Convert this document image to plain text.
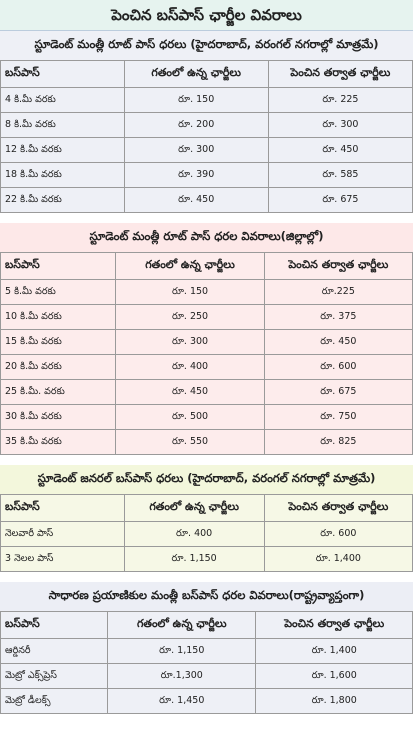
పెంచిన బస్‌పాస్ ఛార్జీల వివరాలు
స్టూడెంట్ మంత్లీ రూట్ పాస్ ధరలు (హైదరాబాద్, వరంగల్ నగరాల్లో మాత్రమే)
బస్‌పాస్	గతంలో ఉన్న ఛార్జీలు	పెంచిన తర్వాత ఛార్జీలు
4 కి.మీ వరకు	రూ. 150	రూ. 225
8 కి.మీ వరకు	రూ. 200	రూ. 300
12 కి.మీ వరకు	రూ. 300	రూ. 450
18 కి.మీ వరకు	రూ. 390	రూ. 585
22 కి.మీ వరకు	రూ. 450	రూ. 675
స్టూడెంట్ మంత్లీ రూట్ పాస్ ధరల వివరాలు(జిల్లాల్లో)
బస్‌పాస్	గతంలో ఉన్న ఛార్జీలు	పెంచిన తర్వాత ఛార్జీలు
5 కి.మీ వరకు	రూ. 150	రూ.225
10 కి.మీ వరకు	రూ. 250	రూ. 375
15 కి.మీ వరకు	రూ. 300	రూ. 450
20 కి.మీ వరకు	రూ. 400	రూ. 600
25 కి.మీ. వరకు	రూ. 450	రూ. 675
30 కి.మీ వరకు	రూ. 500	రూ. 750
35 కి.మీ వరకు	రూ. 550	రూ. 825
స్టూడెంట్ జనరల్ బస్‌పాస్ ధరలు (హైదరాబాద్, వరంగల్ నగరాల్లో మాత్రమే)
బస్‌పాస్	గతంలో ఉన్న ఛార్జీలు	పెంచిన తర్వాత ఛార్జీలు
నెలవారీ పాస్	రూ. 400	రూ. 600
3 నెలల పాస్	రూ. 1,150	రూ. 1,400
సాధారణ ప్రయాణికుల మంత్లీ బస్‌పాస్ ధరల వివరాలు(రాష్ట్రవ్యాప్తంగా)
బస్‌పాస్	గతంలో ఉన్న ఛార్జీలు	పెంచిన తర్వాత ఛార్జీలు
ఆర్డినరీ	రూ. 1,150	రూ. 1,400
మెట్రో ఎక్స్‌ప్రెస్	రూ.1,300	రూ. 1,600
మెట్రో డీలక్స్	రూ. 1,450	రూ. 1,800
